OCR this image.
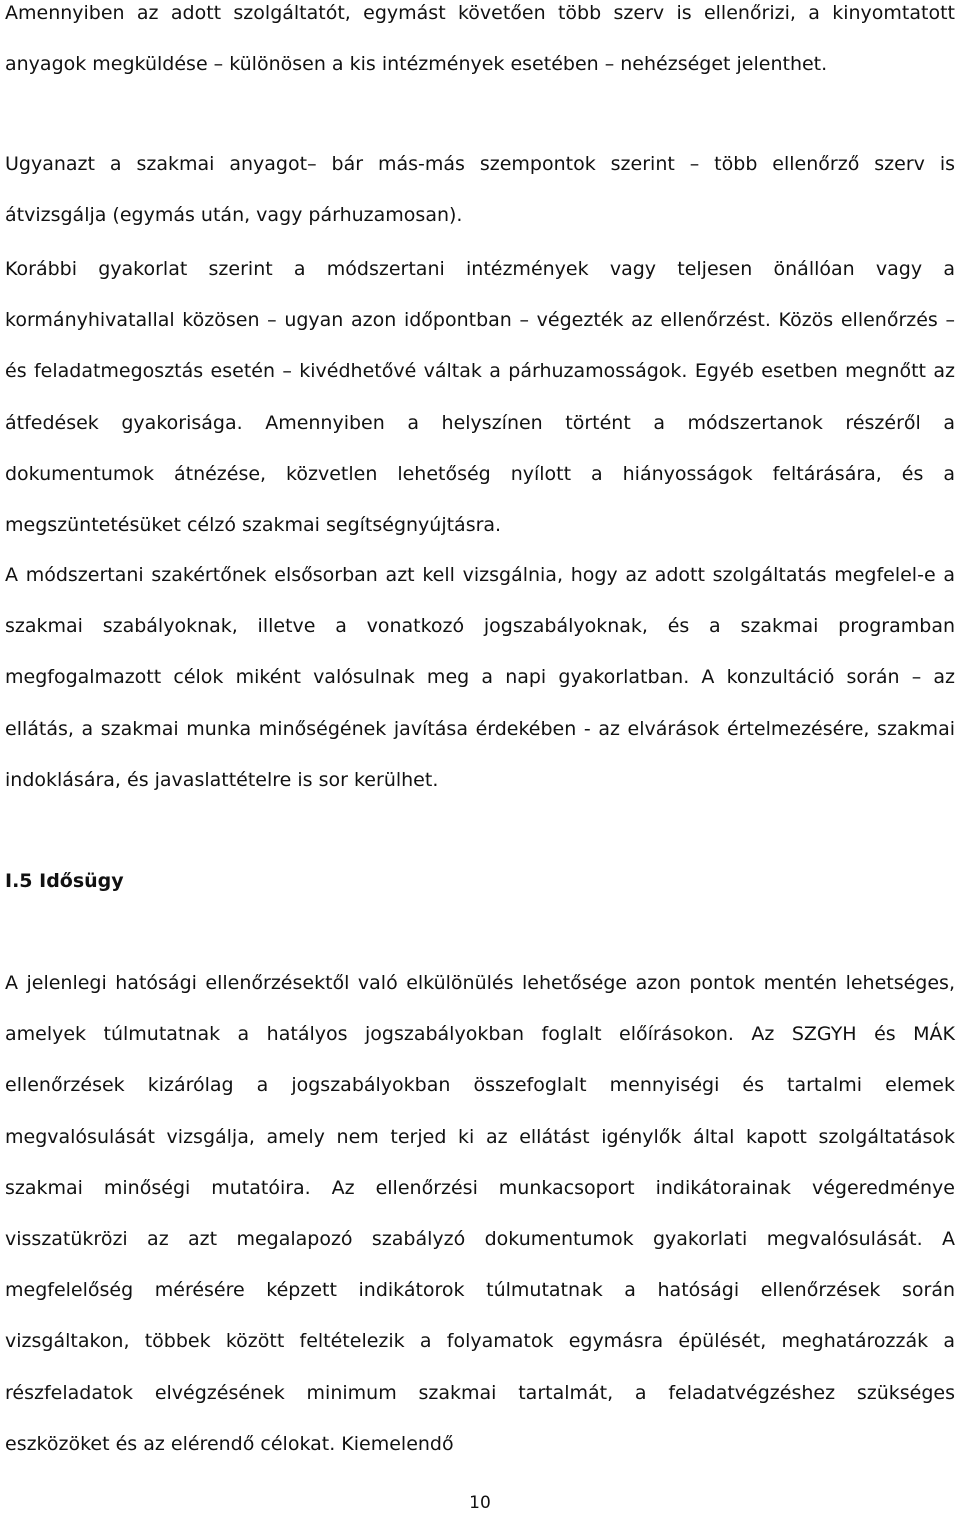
Amennyiben az adott szolgáltatót, egymást követően több szerv is ellenőrizi, a kinyomtatott anyagok megküldése – különösen a kis intézmények esetében – nehézséget jelenthet.

Ugyanazt a szakmai anyagot– bár más-más szempontok szerint – több ellenőrző szerv is átvizsgálja (egymás után, vagy párhuzamosan).

Korábbi gyakorlat szerint a módszertani intézmények vagy teljesen önállóan vagy a kormányhivatallal közösen – ugyan azon időpontban – végezték az ellenőrzést. Közös ellenőrzés – és feladatmegosztás esetén – kivédhetővé váltak a párhuzamosságok. Egyéb esetben megnőtt az átfedések gyakorisága. Amennyiben a helyszínen történt a módszertanok részéről a dokumentumok átnézése, közvetlen lehetőség nyílott a hiányosságok feltárására, és a megszüntetésüket célzó szakmai segítségnyújtásra.

A módszertani szakértőnek elsősorban azt kell vizsgálnia, hogy az adott szolgáltatás megfelel-e a szakmai szabályoknak, illetve a vonatkozó jogszabályoknak, és a szakmai programban megfogalmazott célok miként valósulnak meg a napi gyakorlatban. A konzultáció során – az ellátás, a szakmai munka minőségének javítása érdekében - az elvárások értelmezésére, szakmai indoklására, és javaslattételre is sor kerülhet.

I.5 Idősügy

A jelenlegi hatósági ellenőrzésektől való elkülönülés lehetősége azon pontok mentén lehetséges, amelyek túlmutatnak a hatályos jogszabályokban foglalt előírásokon. Az SZGYH és MÁK ellenőrzések kizárólag a jogszabályokban összefoglalt mennyiségi és tartalmi elemek megvalósulását vizsgálja, amely nem terjed ki az ellátást igénylők által kapott szolgáltatások szakmai minőségi mutatóira. Az ellenőrzési munkacsoport indikátorainak végeredménye visszatükrözi az azt megalapozó szabályzó dokumentumok gyakorlati megvalósulását. A megfelelőség mérésére képzett indikátorok túlmutatnak a hatósági ellenőrzések során vizsgáltakon, többek között feltételezik a folyamatok egymásra épülését, meghatározzák a részfeladatok elvégzésének minimum szakmai tartalmát, a feladatvégzéshez szükséges eszközöket és az elérendő célokat. Kiemelendő

10
